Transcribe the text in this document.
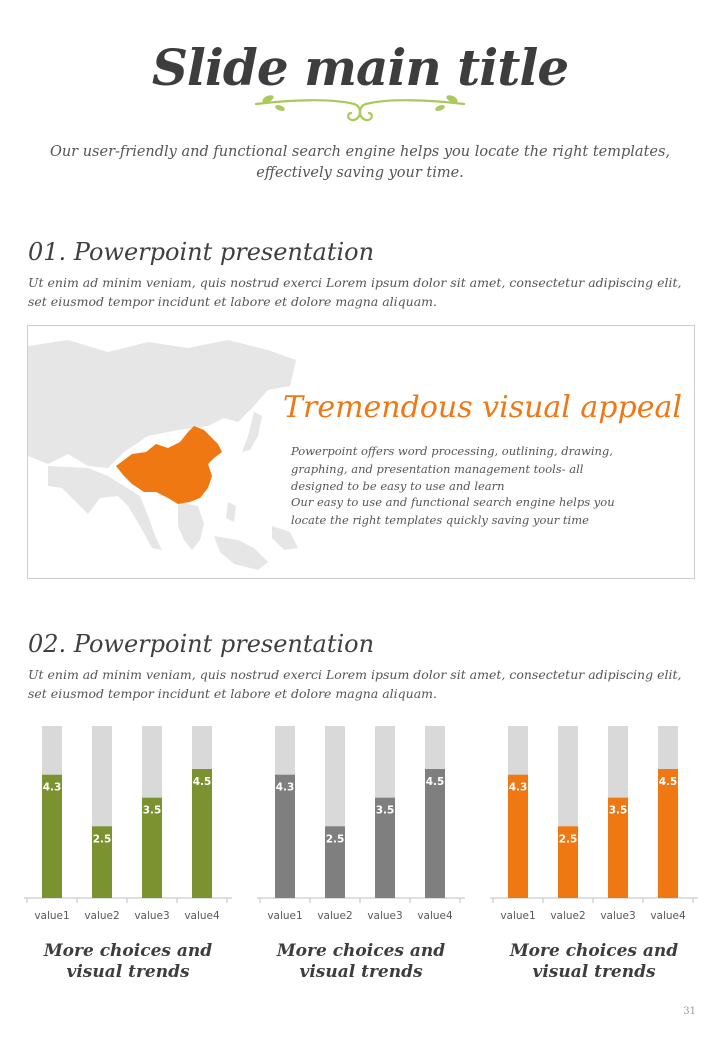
Slide main title
Our user-friendly and functional search engine helps you locate the right templates, effectively saving your time.
01. Powerpoint presentation
Ut enim ad minim veniam, quis nostrud exerci Lorem ipsum dolor sit amet, consectetur adipiscing elit, set eiusmod tempor incidunt et labore et dolore magna aliquam.
Tremendous visual appeal
Powerpoint offers word processing, outlining, drawing, graphing, and presentation management tools- all designed to be easy to use and learn
Our easy to use and functional search engine helps you locate the right templates quickly saving your time
02. Powerpoint presentation
Ut enim ad minim veniam, quis nostrud exerci Lorem ipsum dolor sit amet, consectetur adipiscing elit, set eiusmod tempor incidunt et labore et dolore magna aliquam.
4.3
value1
2.5
value2
3.5
value3
4.5
value4
4.3
value1
2.5
value2
3.5
value3
4.5
value4
4.3
value1
2.5
value2
3.5
value3
4.5
value4
More choices and visual trends
More choices and visual trends
More choices and visual trends
31
